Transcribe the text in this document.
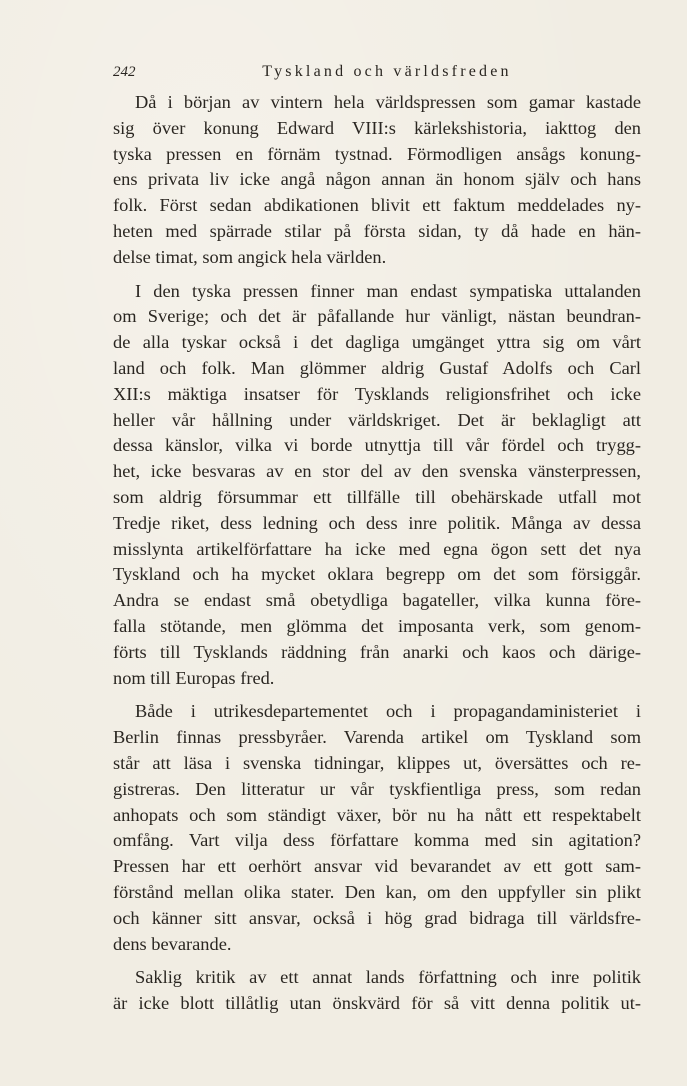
242	Tyskland och världsfreden

Då i början av vintern hela världspressen som gamar kastade
sig över konung Edward VIII:s kärlekshistoria, iakttog den
tyska pressen en förnäm tystnad. Förmodligen ansågs konung-
ens privata liv icke angå någon annan än honom själv och hans
folk. Först sedan abdikationen blivit ett faktum meddelades ny-
heten med spärrade stilar på första sidan, ty då hade en hän-
delse timat, som angick hela världen.

I den tyska pressen finner man endast sympatiska uttalanden
om Sverige; och det är påfallande hur vänligt, nästan beundran-
de alla tyskar också i det dagliga umgänget yttra sig om vårt
land och folk. Man glömmer aldrig Gustaf Adolfs och Carl
XII:s mäktiga insatser för Tysklands religionsfrihet och icke
heller vår hållning under världskriget. Det är beklagligt att
dessa känslor, vilka vi borde utnyttja till vår fördel och trygg-
het, icke besvaras av en stor del av den svenska vänsterpressen,
som aldrig försummar ett tillfälle till obehärskade utfall mot
Tredje riket, dess ledning och dess inre politik. Många av dessa
misslynta artikelförfattare ha icke med egna ögon sett det nya
Tyskland och ha mycket oklara begrepp om det som försiggår.
Andra se endast små obetydliga bagateller, vilka kunna före-
falla stötande, men glömma det imposanta verk, som genom-
förts till Tysklands räddning från anarki och kaos och därige-
nom till Europas fred.

Både i utrikesdepartementet och i propagandaministeriet i
Berlin finnas pressbyråer. Varenda artikel om Tyskland som
står att läsa i svenska tidningar, klippes ut, översättes och re-
gistreras. Den litteratur ur vår tyskfientliga press, som redan
anhopats och som ständigt växer, bör nu ha nått ett respektabelt
omfång. Vart vilja dess författare komma med sin agitation?
Pressen har ett oerhört ansvar vid bevarandet av ett gott sam-
förstånd mellan olika stater. Den kan, om den uppfyller sin plikt
och känner sitt ansvar, också i hög grad bidraga till världsfre-
dens bevarande.

Saklig kritik av ett annat lands författning och inre politik
är icke blott tillåtlig utan önskvärd för så vitt denna politik ut-
